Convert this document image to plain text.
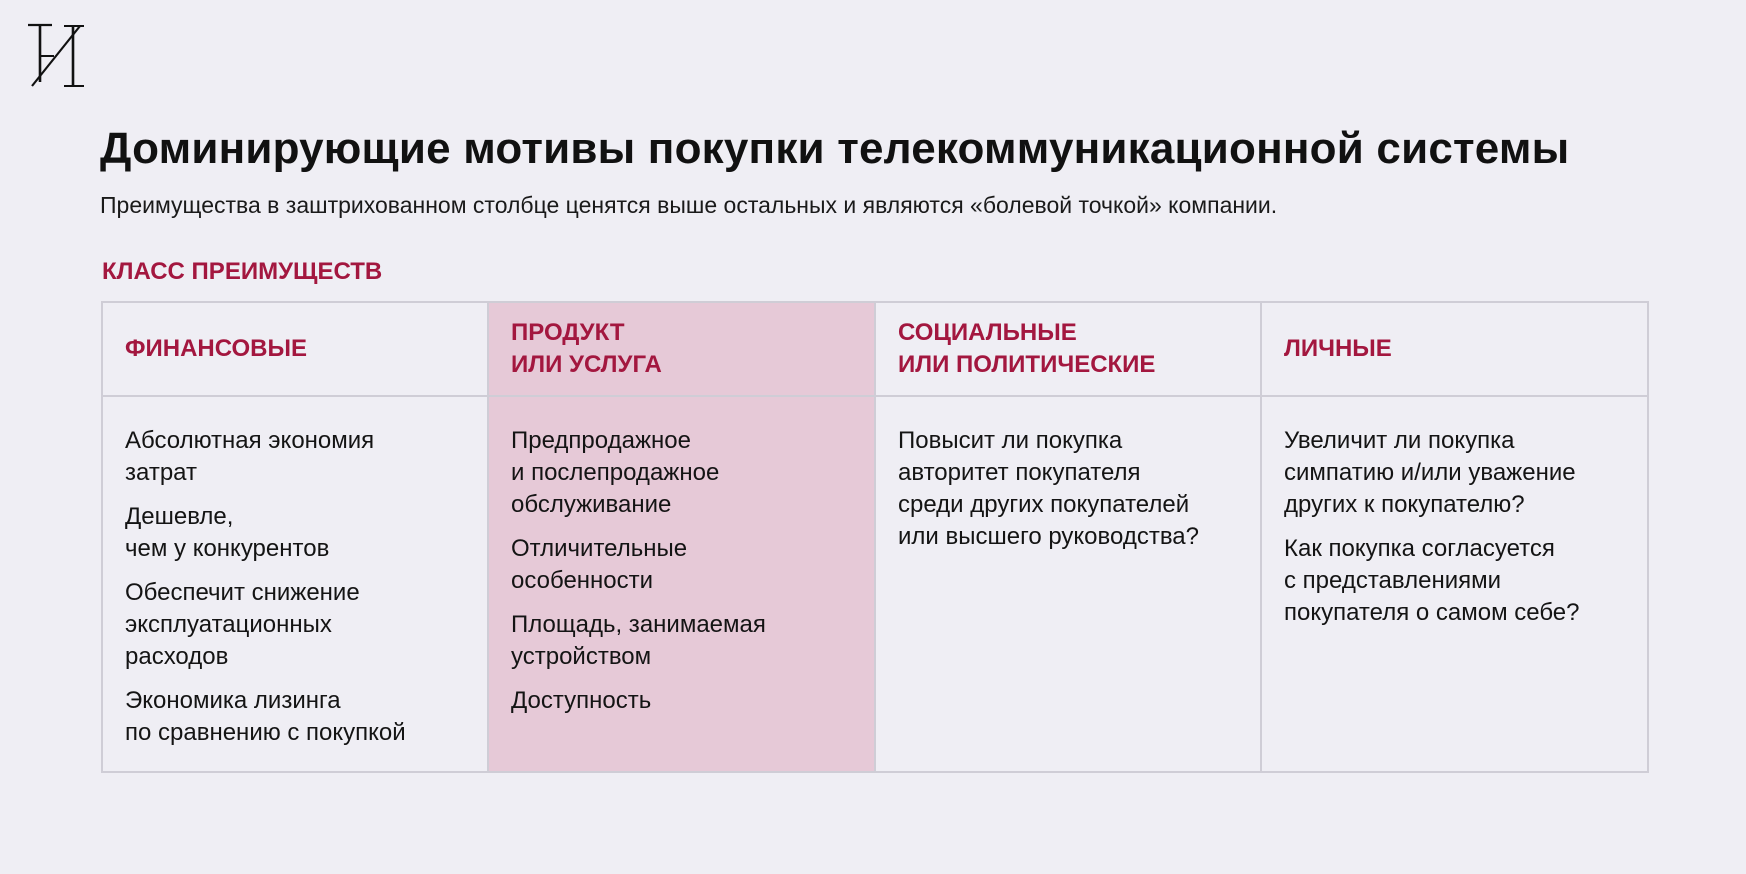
Доминирующие мотивы покупки телекоммуникационной системы

Преимущества в заштрихованном столбце ценятся выше остальных и являются «болевой точкой» компании.

КЛАСС ПРЕИМУЩЕСТВ
ФИНАНСОВЫЕ
ПРОДУКТ
ИЛИ УСЛУГА
СОЦИАЛЬНЫЕ
ИЛИ ПОЛИТИЧЕСКИЕ
ЛИЧНЫЕ

Абсолютная экономия
затрат

Дешевле,
чем у конкурентов

Обеспечит снижение
эксплуатационных
расходов

Экономика лизинга
по сравнению с покупкой

Предпродажное
и послепродажное
обслуживание

Отличительные
особенности

Площадь, занимаемая
устройством

Доступность

Повысит ли покупка
авторитет покупателя
среди других покупателей
или высшего руководства?

Увеличит ли покупка
симпатию и/или уважение
других к покупателю?

Как покупка согласуется
с представлениями
покупателя о самом себе?
